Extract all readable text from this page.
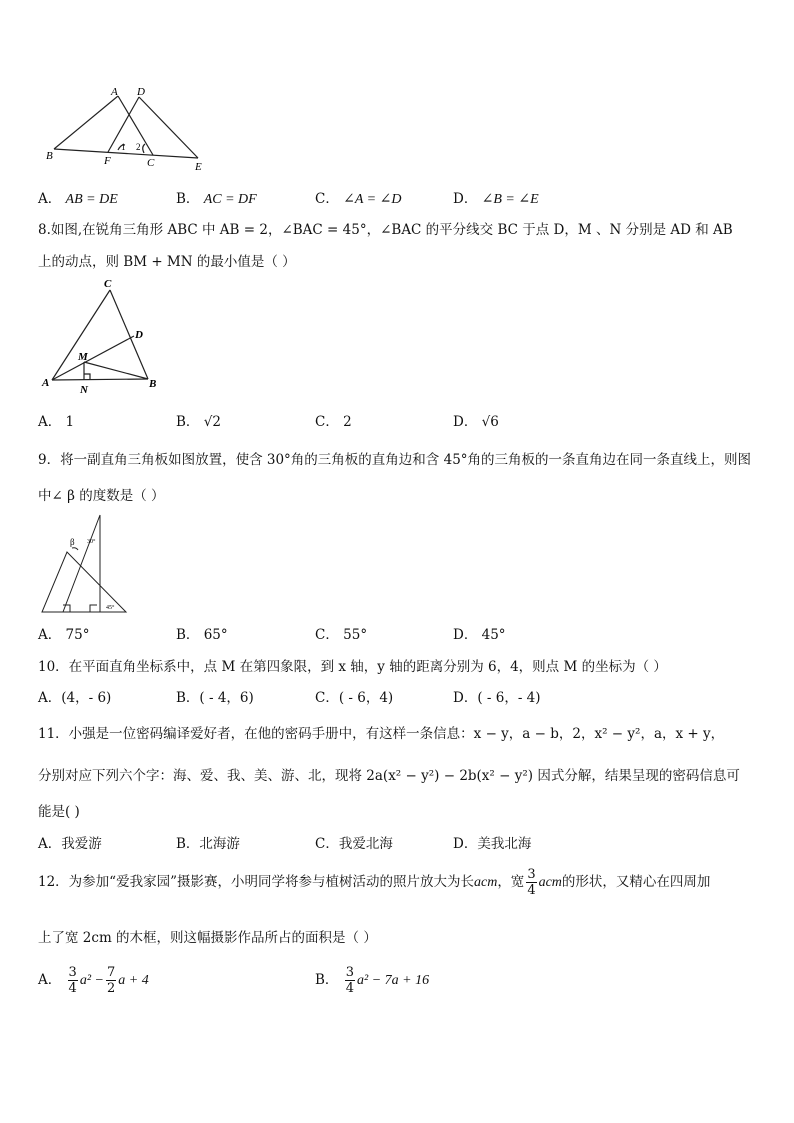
A D
B	F	C	E
1 2
A． AB = DE	B． AC = DF	C． ∠A = ∠D	D． ∠B = ∠E
8.如图,在锐角三角形 ABC 中 AB = 2，∠BAC = 45°，∠BAC 的平分线交 BC 于点 D，M 、N 分别是 AD 和 AB
上的动点，则 BM + MN 的最小值是（ ）
C
D
M
A
N	B
A． 1	B． √2	C． 2	D． √6
9．将一副直角三角板如图放置，使含 30°角的三角板的直角边和含 45°角的三角板的一条直角边在同一条直线上，则图
中∠ β 的度数是（ ）
β 30°
45°
A． 75°	B． 65°	C． 55°	D． 45°
10．在平面直角坐标系中，点 M 在第四象限，到 x 轴，y 轴的距离分别为 6，4，则点 M 的坐标为（ ）
A．(4，- 6)	B．( - 4，6)	C．( - 6，4)	D．( - 6，- 4)
11．小强是一位密码编译爱好者，在他的密码手册中，有这样一条信息：x − y，a − b，2，x² − y²，a，x + y，
分别对应下列六个字：海、爱、我、美、游、北，现将 2a(x² − y²) − 2b(x² − y²) 因式分解，结果呈现的密码信息可
能是( )
A．我爱游	B．北海游	C．我爱北海	D．美我北海
12．为参加“爱我家园”摄影赛，小明同学将参与植树活动的照片放大为长acm，宽 $\frac{3}{4}$ acm的形状，又精心在四周加
上了宽 2cm 的木框，则这幅摄影作品所占的面积是（ ）
A． $\frac{3}{4} a^2 - \frac{7}{2}$ a + 4	B． $\frac{3}{4} a^2 - 7a + 16$
